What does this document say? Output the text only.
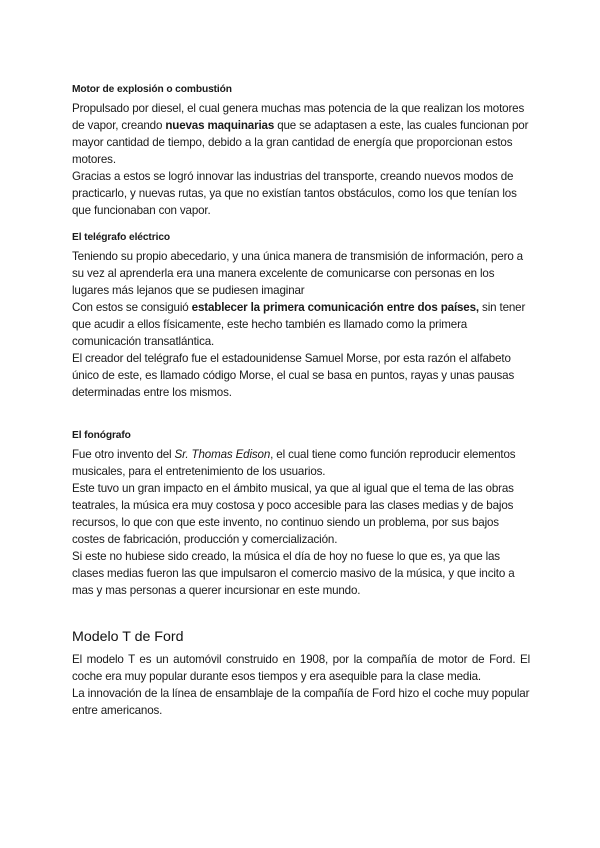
Motor de explosión o combustión

Propulsado por diesel, el cual genera muchas mas potencia de la que realizan los motores de vapor, creando nuevas maquinarias que se adaptasen a este, las cuales funcionan por mayor cantidad de tiempo, debido a la gran cantidad de energía que proporcionan estos motores.

Gracias a estos se logró innovar las industrias del transporte, creando nuevos modos de practicarlo, y nuevas rutas, ya que no existían tantos obstáculos, como los que tenían los que funcionaban con vapor.

El telégrafo eléctrico

Teniendo su propio abecedario, y una única manera de transmisión de información, pero a su vez al aprenderla era una manera excelente de comunicarse con personas en los lugares más lejanos que se pudiesen imaginar

Con estos se consiguió establecer la primera comunicación entre dos países, sin tener que acudir a ellos físicamente, este hecho también es llamado como la primera comunicación transatlántica.

El creador del telégrafo fue el estadounidense Samuel Morse, por esta razón el alfabeto único de este, es llamado código Morse, el cual se basa en puntos, rayas y unas pausas determinadas entre los mismos.

El fonógrafo

Fue otro invento del Sr. Thomas Edison, el cual tiene como función reproducir elementos musicales, para el entretenimiento de los usuarios.

Este tuvo un gran impacto en el ámbito musical, ya que al igual que el tema de las obras teatrales, la música era muy costosa y poco accesible para las clases medias y de bajos recursos, lo que con que este invento, no continuo siendo un problema, por sus bajos costes de fabricación, producción y comercialización.

Si este no hubiese sido creado, la música el día de hoy no fuese lo que es, ya que las clases medias fueron las que impulsaron el comercio masivo de la música, y que incito a mas y mas personas a querer incursionar en este mundo.

Modelo T de Ford

El modelo T es un automóvil construido en 1908, por la compañía de motor de Ford. El coche era muy popular durante esos tiempos y era asequible para la clase media.

La innovación de la línea de ensamblaje de la compañía de Ford hizo el coche muy popular entre americanos.
